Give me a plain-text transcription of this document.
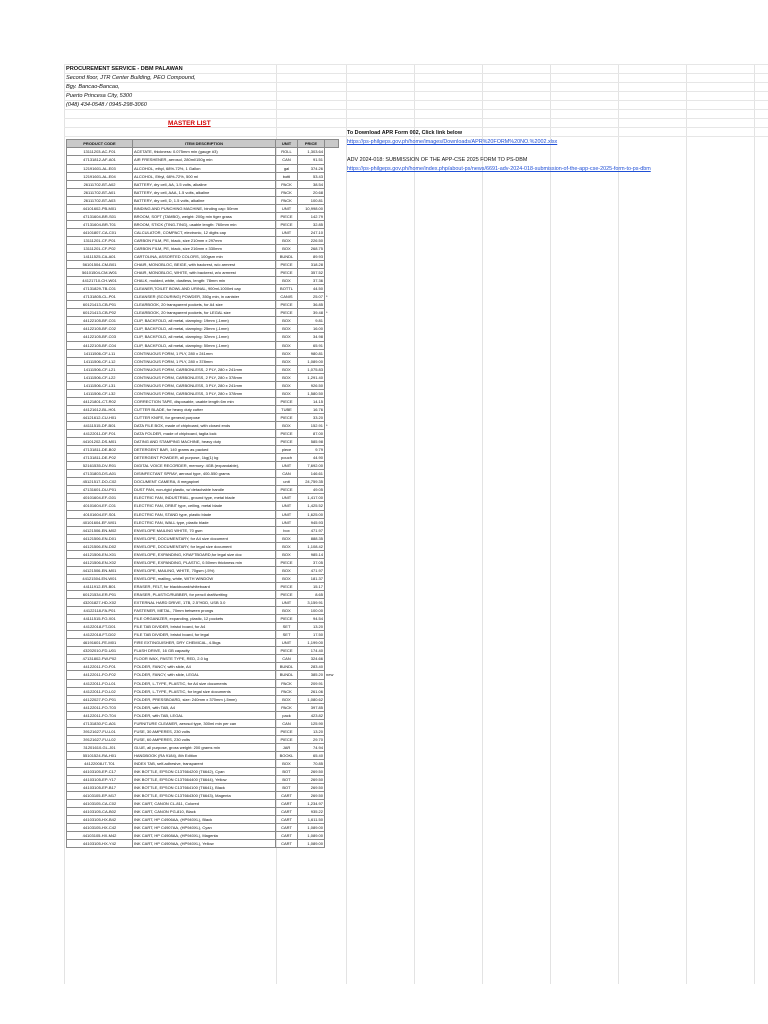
PROCUREMENT SERVICE - DBM PALAWAN
Second floor, JTR Center Building, PEO Compound,
Bgy. Bancao-Bancao,
Puerto Princesa City, 5300
(048) 434-0548 / 0945-298-3060
MASTER LIST
To Download APR Form 002, Click link below
https://ps-philgeps.gov.ph/home/images/Downloads/APR%20FORM%20NO.%2002.xlsx
ADV 2024-018: SUBMISSION OF THE APP-CSE 2025 FORM TO PS-DBM
https://ps-philgeps.gov.ph/home/index.php/about-ps/news/6691-adv-2024-018-submission-of-the-app-cse-2025-form-to-ps-dbm
PRODUCT CODE	ITEM DESCRIPTION	UNIT	PRICE	
13111203-AC-F01	ACETATE, thickness: 0.075mm min (gauge #3)	ROLL	1,303.64	
47131812-AF-A01	AIR FRESHENER, aerosol, 280ml/150g min	CAN	91.51	
12191601-AL-E03	ALCOHOL, ethyl, 68%-72%, 1 Gallon	gal	374.26	
12191601-AL-E04	ALCOHOL, Ethyl, 68%-72%, 500 ml	bottl	53.43	
26111702-BT-A02	BATTERY, dry cell, AA, 1.5 volts, alkaline	PACK	38.54	
26111702-BT-A01	BATTERY, dry cell, AAA, 1.5 volts, alkaline	PACK	20.68	
26111702-BT-A03	BATTERY, dry cell, D, 1.5 volts, alkaline	PACK	100.81	
44101602-PB-M01	BINDING AND PUNCHING MACHINE, binding cap: 50mm	UNIT	10,998.00	
47131604-BR-S01	BROOM, SOFT (TAMBO), weight: 200g min tiger grass	PIECE	142.79	
47131604-BR-T01	BROOM, STICK (TING-TING), usable length: 760mm min	PIECE	32.85	
44101807-CA-C01	CALCULATOR, COMPACT, electronic, 12 digits cap	UNIT	247.10	
13111201-CF-P01	CARBON FILM, PE, black, size 210mm x 297mm	BOX	226.50	
13111201-CF-P02	CARBON FILM, PE, black, size 216mm x 330mm	BOX	268.75	
14111525-CA-A01	CARTOLINA, ASSORTED COLORS, 100gsm min	BUNDL	89.93	
56101504-CM-B01	CHAIR, MONOBLOC, BEIGE, with backrest, w/o armrest	PIECE	318.28	
56101504-CM-W01	CHAIR, MONOBLOC, WHITE, with backrest, w/o armrest	PIECE	357.52	
44121710-CH-W01	CHALK, molded, white, dustless, length: 78mm min	BOX	37.36	
47131829-TB-C01	CLEANER,TOILET BOWL AND URINAL, 900ml-1000ml cap	BOTTL	44.50	
47131805-CL-P01	CLEANSER (SCOURING) POWDER, 350g min, in canister	CANIS	25.07	*
60121413-CB-P01	CLEARBOOK, 20 transparent pockets, for A4 size	PIECE	36.85	
60121413-CB-P02	CLEARBOOK, 20 transparent pockets, for LEGAL size	PIECE	39.48	*
44122105-BF-C01	CLIP, BACKFOLD, all metal, clamping: 19mm (-1mm)	BOX	9.81	
44122105-BF-C02	CLIP, BACKFOLD, all metal, clamping: 25mm (-1mm)	BOX	16.00	
44122105-BF-C03	CLIP, BACKFOLD, all metal, clamping: 32mm (-1mm)	BOX	34.98	
44122105-BF-C04	CLIP, BACKFOLD, all metal, clamping: 50mm (-1mm)	BOX	65.91	
14111506-CF-L11	CONTINUOUS FORM, 1 PLY, 280 x 241mm	BOX	980.81	
14111506-CF-L12	CONTINUOUS FORM, 1 PLY, 280 x 378mm	BOX	1,089.00	
14111506-CF-L21	CONTINUOUS FORM, CARBONLESS, 2 PLY, 280 x 241mm	BOX	1,075.83	
14111506-CF-L22	CONTINUOUS FORM, CARBONLESS, 2 PLY, 280 x 378mm	BOX	1,291.40	
14111506-CF-L31	CONTINUOUS FORM, CARBONLESS, 3 PLY, 280 x 241mm	BOX	926.50	
14111506-CF-L32	CONTINUOUS FORM, CARBONLESS, 3 PLY, 280 x 378mm	BOX	1,580.50	
44121801-CT-R02	CORRECTION TAPE, disposable, usable length 6m min	PIECE	14.15	
44121612-BL-H01	CUTTER BLADE, for heavy duty cutter	TUBE	16.76	
44121612-CU-H01	CUTTER KNIFE, for general purpose	PIECE	33.20	
44111515-DF-B01	DATA FILE BOX, made of chipboard, with closed ends	BOX	152.91	*
44122011-DF-F01	DATA FOLDER, made of chipboard, taglia lock	PIECE	87.00	
44101202-DS-M01	DATING AND STAMPING MACHINE, heavy duty	PIECE	585.98	
47131811-DE-B02	DETERGENT BAR, 140 grams as packed	piece	9.79	
47131811-DE-P02	DETERGENT POWDER, all purpose, 1kg(1) kg	pouch	44.90	
52161535-DV-R01	DIGITAL VOICE RECORDER, memory: 4GB (expandable),	UNIT	7,692.00	
47131803-DS-A01	DISINFECTANT SPRAY, aerosol type, 400-550 grams	CAN	146.61	
45121517-DO-C02	DOCUMENT CAMERA, 8 megapixel	unit	24,759.35	
47131601-DU-P01	DUST PAN, non-rigid plastic, w/ detachable handle	PIECE	49.05	
40101604-EF-G01	ELECTRIC FAN, INDUSTRIAL, ground type, metal blade	UNIT	1,417.00	
40101604-EF-C01	ELECTRIC FAN, ORBIT type, ceiling, metal blade	UNIT	1,425.52	
40101604-EF-S01	ELECTRIC FAN, STAND type, plastic blade	UNIT	1,625.00	
40101604-EF-W01	ELECTRIC FAN, WALL type, plastic blade	UNIT	945.93	
44121506-EN-M02	ENVELOPE MAILING WHITE, 70 gsm	box	471.97	
44121506-EN-D01	ENVELOPE, DOCUMENTARY, for A4 size document	BOX	888.35	
44121506-EN-D02	ENVELOPE, DOCUMENTARY, for legal size document	BOX	1,108.42	
44121506-EN-X01	ENVELOPE, EXPANDING, KRAFTBOARD,for legal size doc	BOX	985.14	
44121506-EN-X02	ENVELOPE, EXPANDING, PLASTIC, 0.50mm thickness min	PIECE	37.05	
44121506-EN-M01	ENVELOPE, MAILING, WHITE, 70gsm (-5%)	BOX	471.97	
44121504-EN-W01	ENVELOPE, mailing, white, WITH WINDOW	BOX	181.37	
44111912-ER-B01	ERASER, FELT, for blackboard/whiteboard	PIECE	15.17	
60121534-ER-P01	ERASER, PLASTIC/RUBBER, for pencil draft/writing	PIECE	8.65	
43201827-HD-X02	EXTERNAL HARD DRIVE, 1TB, 2.5"HDD, USB 3.0	UNIT	3,159.91	
44122118-FA-P01	FASTENER, METAL, 70mm between prongs	BOX	100.00	
44111515-FO-X01	FILE ORGANIZER, expanding, plastic, 12 pockets	PIECE	94.54	
44122018-FT-D01	FILE TAB DIVIDER, bristol board, for A4	SET	13.20	
44122018-FT-D02	FILE TAB DIVIDER, bristol board, for legal	SET	17.50	
46191601-FE-M01	FIRE EXTINGUISHER, DRY CHEMICAL, 4.5kgs	UNIT	1,199.00	
43202010-FD-U01	FLASH DRIVE, 16 GB capacity	PIECE	174.40	
47131802-FW-P02	FLOOR WAX, PASTE TYPE, RED, 2.0 kg	CAN	324.66	
44122011-FO-F01	FOLDER, FANCY, with slide, A4	BUNDL	283.40	
44122011-FO-F02	FOLDER, FANCY, with slide, LEGAL	BUNDL	385.20	new
44122011-FO-L01	FOLDER, L-TYPE, PLASTIC, for A4 size documents	PACK	209.91	
44122011-FO-L02	FOLDER, L-TYPE, PLASTIC, for legal size documents	PACK	261.06	
44122027-FO-P01	FOLDER, PRESSBOARD, size: 240mm x 370mm (-5mm)	BOX	1,080.62	
44122011-FO-T03	FOLDER, with TAB, A4	PACK	397.85	
44122011-FO-T04	FOLDER, with TAB, LEGAL	pack	423.82	
47131830-FC-A01	FURNITURE CLEANER, aerosol type, 300ml min per can	CAN	125.90	
39121627-FU-L01	FUSE, 30 AMPERES, 230 volts	PIECE	13.20	
39121627-FU-L02	FUSE, 60 AMPERES, 230 volts	PIECE	29.70	
31201610-GL-J01	GLUE, all purpose, gross weight: 200 grams min	JAR	74.94	
55101524-RA-H01	HANDBOOK (RA 9184), 8th Edition	BOOKL	65.40	
44122008-IT-T01	INDEX TAB, self-adhesive, transparent	BOX	70.85	
44103105-EP-C17	INK BOTTLE, EPSON C13T664200 (T6642), Cyan	BOT	269.50	
44103105-EP-Y17	INK BOTTLE, EPSON C13T664400 (T6644), Yellow	BOT	269.50	
44103105-EP-B17	INK BOTTLE, EPSON C13T664100 (T6641), Black	BOT	269.50	
44103105-EP-M17	INK BOTTLE, EPSON C13T664300 (T6643), Magenta	CART	269.50	
44103105-CA-C02	INK CART, CANON CL-811, Colored	CART	1,234.97	
44103105-CA-B02	INK CART, CANON PG-810, Black	CART	935.22	
44103105-HX-B42	INK CART, HP C4906AA, (HP940XL), Black	CART	1,611.50	
44103105-HX-C42	INK CART, HP C4907AA, (HP940XL), Cyan	CART	1,089.00	
44103105-HX-M42	INK CART, HP C4908AA, (HP940XL), Magenta	CART	1,089.00	
44103105-HX-Y42	INK CART, HP C4909AA, (HP940XL), Yellow	CART	1,089.00	
